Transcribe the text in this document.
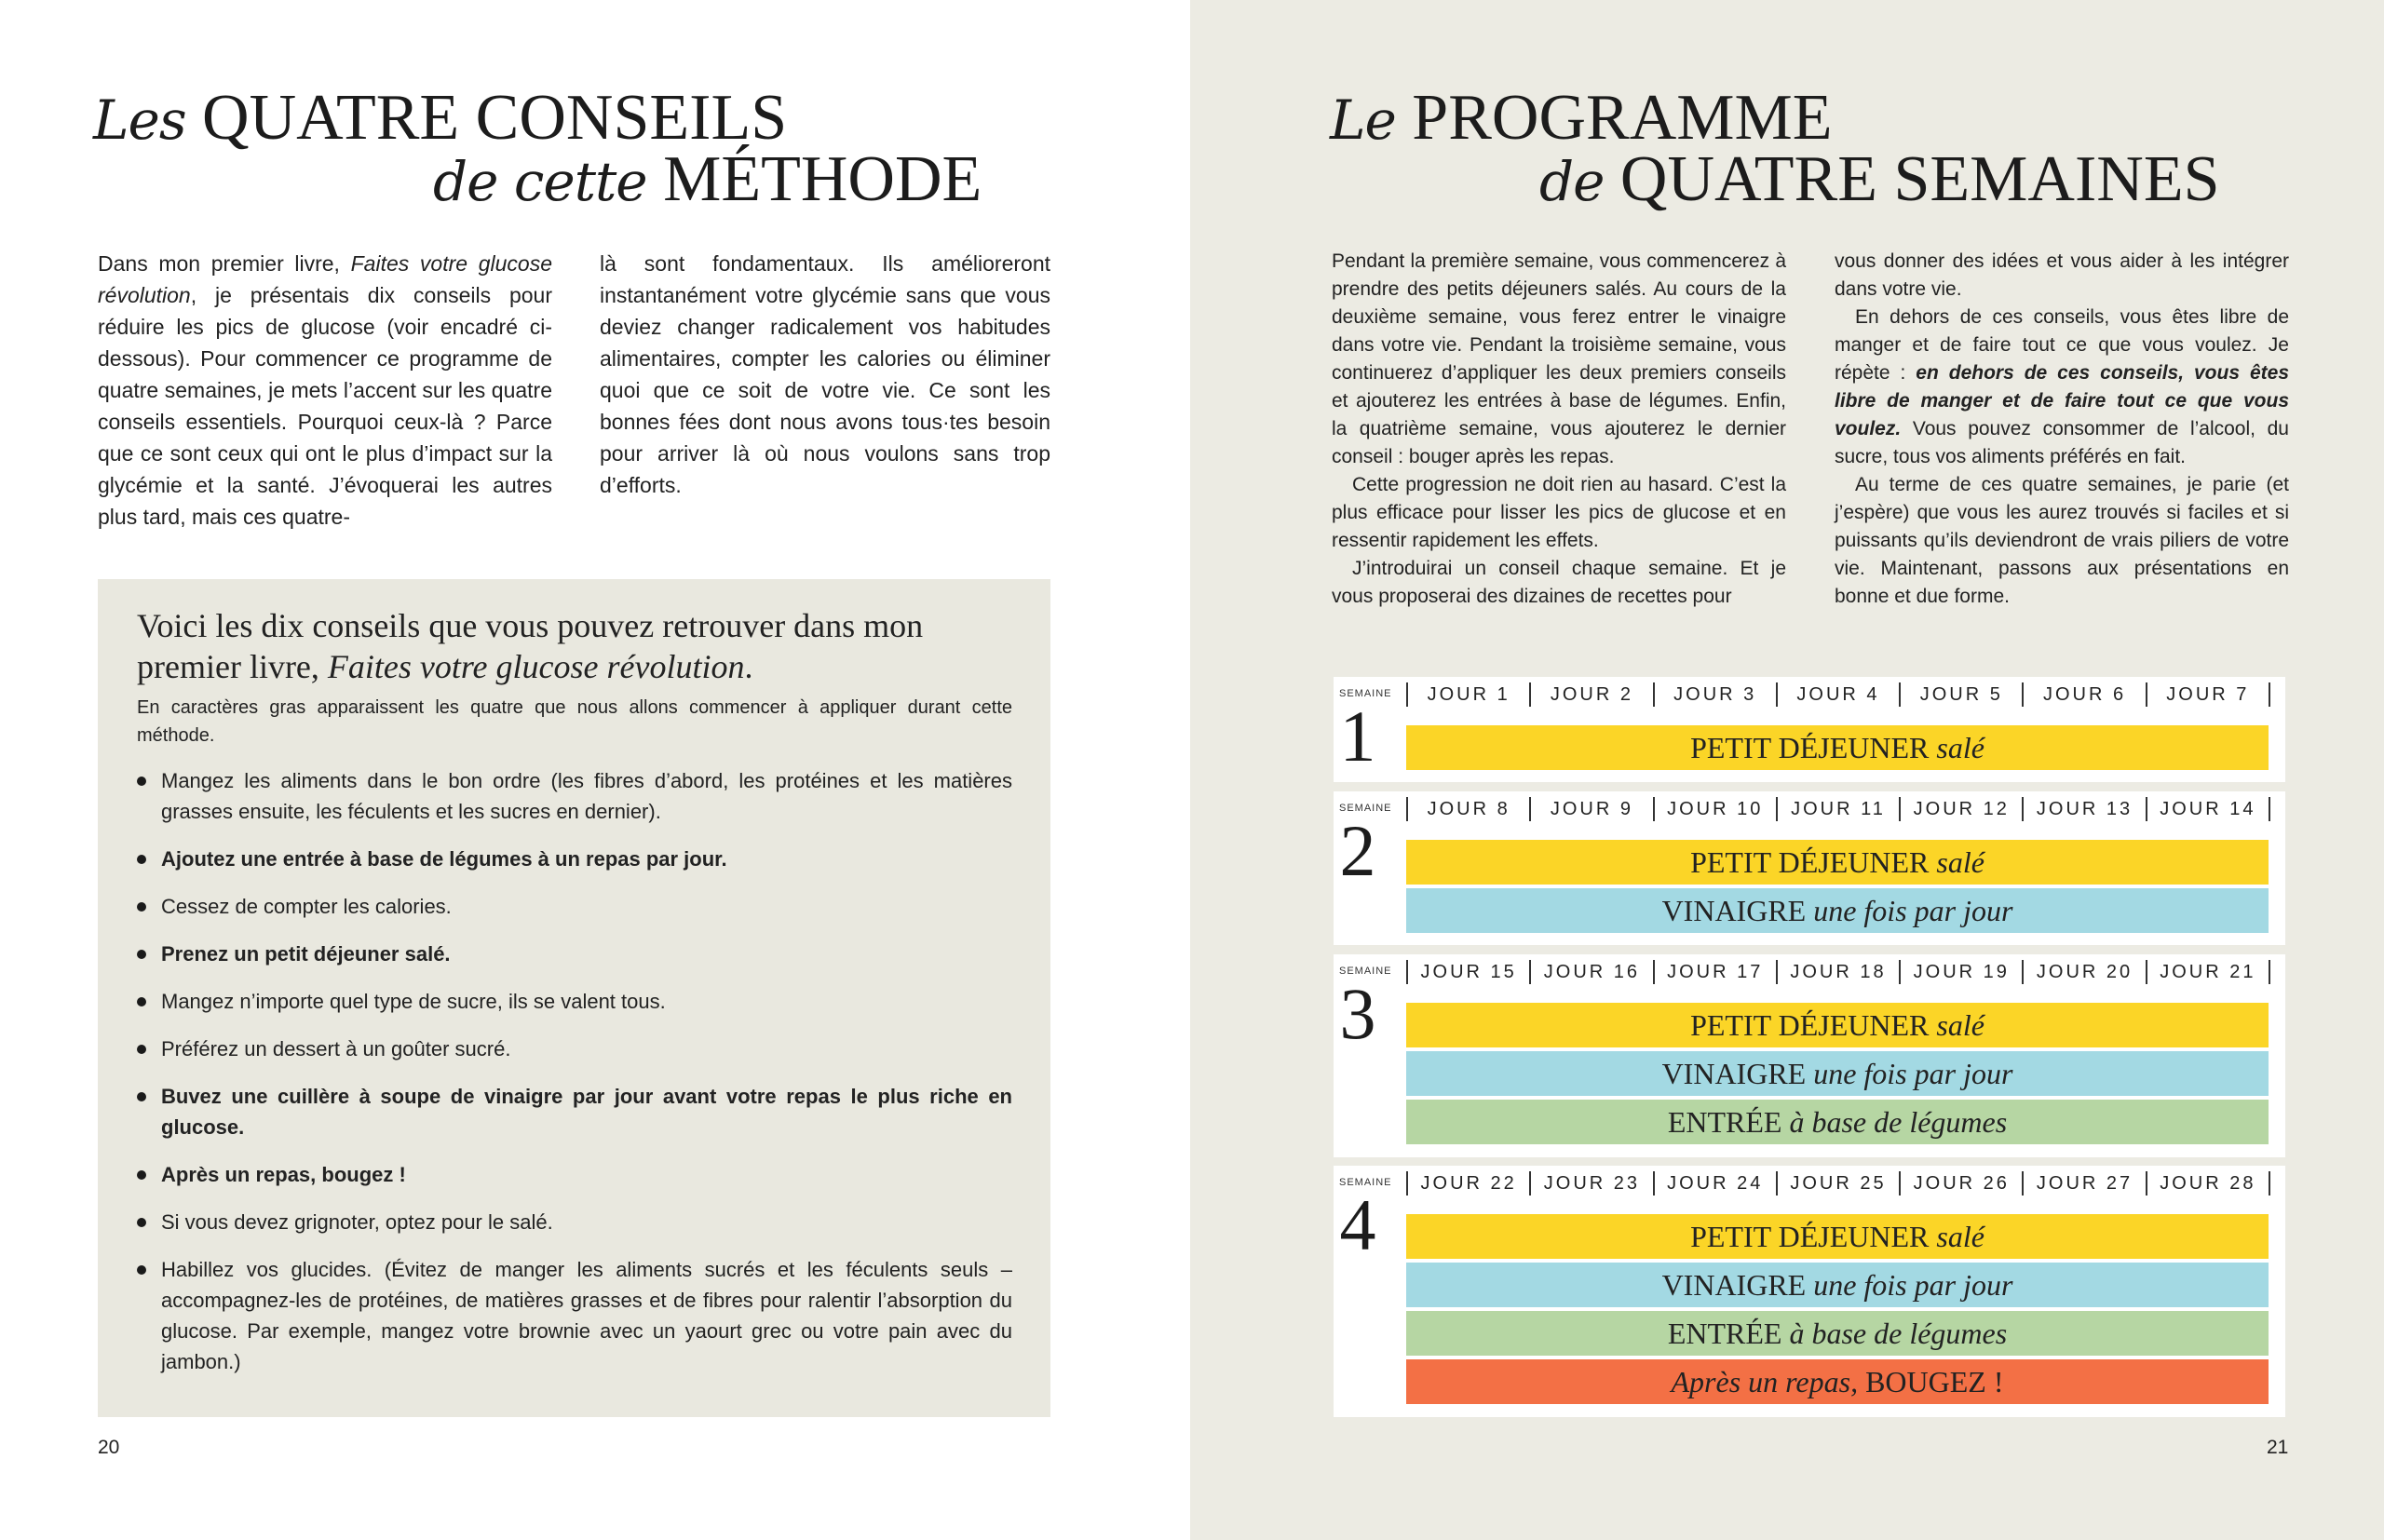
Les QUATRE CONSEILS
de cette MÉTHODE

Dans mon premier livre, Faites votre glucose révolution, je présentais dix conseils pour réduire les pics de glucose (voir encadré ci-dessous). Pour commencer ce programme de quatre semaines, je mets l’accent sur les quatre conseils essentiels. Pourquoi ceux-là ? Parce que ce sont ceux qui ont le plus d’impact sur la glycémie et la santé. J’évoquerai les autres plus tard, mais ces quatre-

là sont fondamentaux. Ils amélioreront instantanément votre glycémie sans que vous deviez changer radicalement vos habitudes alimentaires, compter les calories ou éliminer quoi que ce soit de votre vie. Ce sont les bonnes fées dont nous avons tous·tes besoin pour arriver là où nous voulons sans trop d’efforts.

Voici les dix conseils que vous pouvez retrouver dans mon premier livre, Faites votre glucose révolution.
En caractères gras apparaissent les quatre que nous allons commencer à appliquer durant cette méthode.
Mangez les aliments dans le bon ordre (les fibres d’abord, les protéines et les matières grasses ensuite, les féculents et les sucres en dernier).
Ajoutez une entrée à base de légumes à un repas par jour.
Cessez de compter les calories.
Prenez un petit déjeuner salé.
Mangez n’importe quel type de sucre, ils se valent tous.
Préférez un dessert à un goûter sucré.
Buvez une cuillère à soupe de vinaigre par jour avant votre repas le plus riche en glucose.
Après un repas, bougez !
Si vous devez grignoter, optez pour le salé.
Habillez vos glucides. (Évitez de manger les aliments sucrés et les féculents seuls – accompagnez-les de protéines, de matières grasses et de fibres pour ralentir l’absorption du glucose. Par exemple, mangez votre brownie avec un yaourt grec ou votre pain avec du jambon.)
20
Le PROGRAMME
de QUATRE SEMAINES

Pendant la première semaine, vous commencerez à prendre des petits déjeuners salés. Au cours de la deuxième semaine, vous ferez entrer le vinaigre dans votre vie. Pendant la troisième semaine, vous continuerez d’appliquer les deux premiers conseils et ajouterez les entrées à base de légumes. Enfin, la quatrième semaine, vous ajouterez le dernier conseil : bouger après les repas.

Cette progression ne doit rien au hasard. C’est la plus efficace pour lisser les pics de glucose et en ressentir rapidement les effets.

J’introduirai un conseil chaque semaine. Et je vous proposerai des dizaines de recettes pour

vous donner des idées et vous aider à les intégrer dans votre vie.

En dehors de ces conseils, vous êtes libre de manger et de faire tout ce que vous voulez. Je répète : en dehors de ces conseils, vous êtes libre de manger et de faire tout ce que vous voulez. Vous pouvez consommer de l’alcool, du sucre, tous vos aliments préférés en fait.

Au terme de ces quatre semaines, je parie (et j’espère) que vous les aurez trouvés si faciles et si puissants qu’ils deviendront de vrais piliers de votre vie. Maintenant, passons aux présentations en bonne et due forme.

21
SEMAINE
1
JOUR 1	JOUR 2	JOUR 3	JOUR 4	JOUR 5	JOUR 6	JOUR 7
PETIT DÉJEUNER salé
SEMAINE
2
JOUR 8	JOUR 9	JOUR 10	JOUR 11	JOUR 12	JOUR 13	JOUR 14
PETIT DÉJEUNER salé
VINAIGRE une fois par jour
SEMAINE
3
JOUR 15	JOUR 16	JOUR 17	JOUR 18	JOUR 19	JOUR 20	JOUR 21
PETIT DÉJEUNER salé
VINAIGRE une fois par jour
ENTRÉE à base de légumes
SEMAINE
4
JOUR 22	JOUR 23	JOUR 24	JOUR 25	JOUR 26	JOUR 27	JOUR 28
PETIT DÉJEUNER salé
VINAIGRE une fois par jour
ENTRÉE à base de légumes
Après un repas, BOUGEZ !
